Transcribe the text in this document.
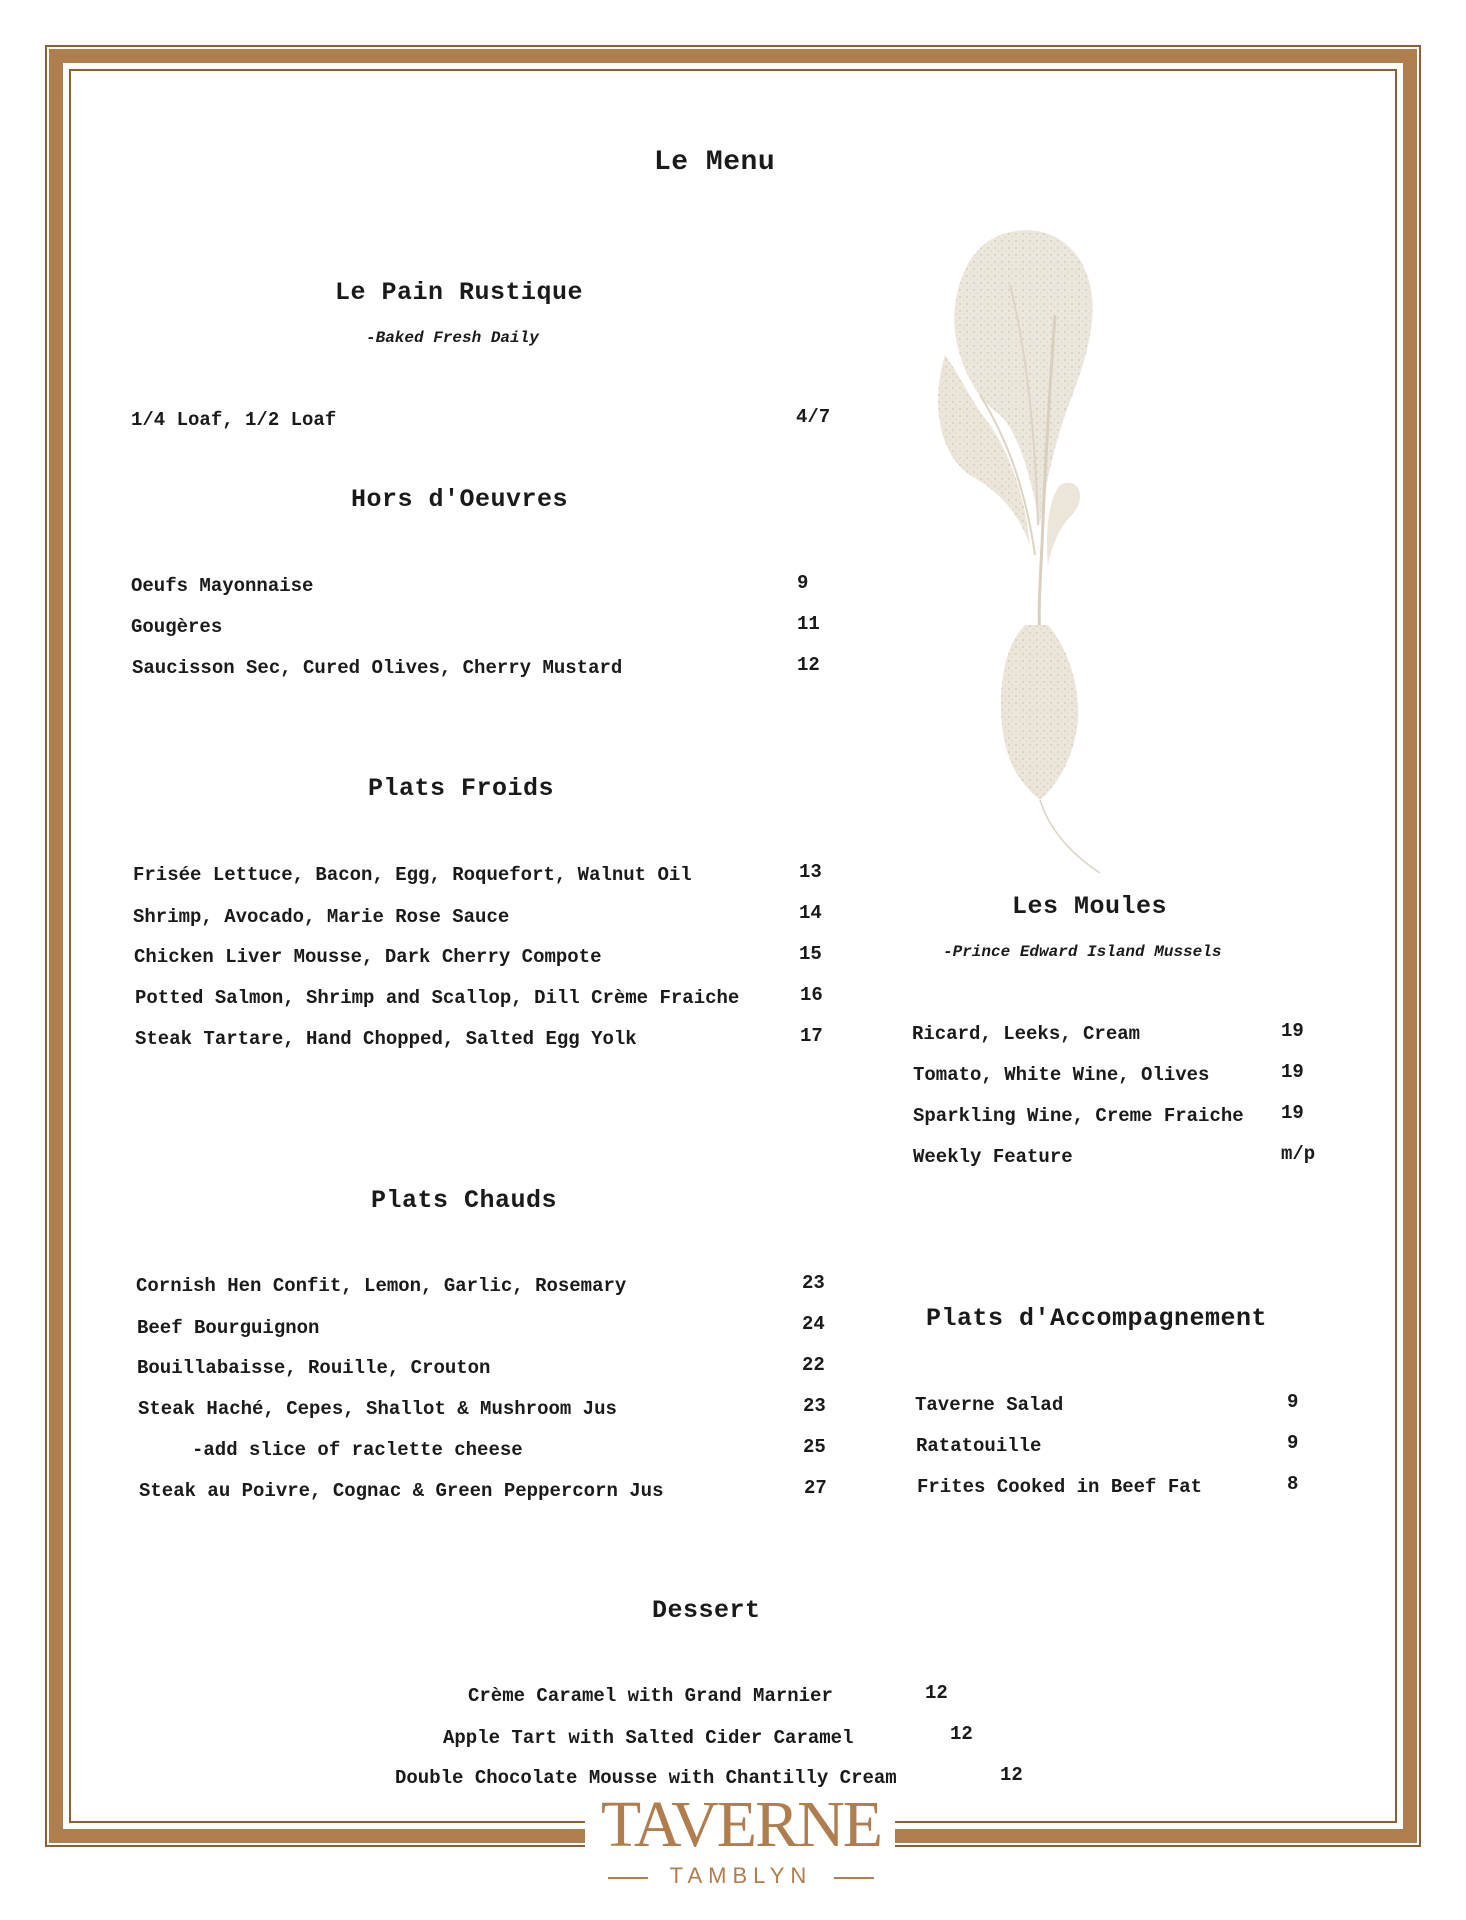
Le Menu
Le Pain Rustique
-Baked Fresh Daily
1/4 Loaf, 1/2 Loaf	4/7
Hors d'Oeuvres
Oeufs Mayonnaise	9
Gougères	11
Saucisson Sec, Cured Olives, Cherry Mustard	12
Plats Froids
Frisée Lettuce, Bacon, Egg, Roquefort, Walnut Oil	13
Shrimp, Avocado, Marie Rose Sauce	14
Chicken Liver Mousse, Dark Cherry Compote	15
Potted Salmon, Shrimp and Scallop, Dill Crème Fraiche	16
Steak Tartare, Hand Chopped, Salted Egg Yolk	17
Plats Chauds
Cornish Hen Confit, Lemon, Garlic, Rosemary	23
Beef Bourguignon	24
Bouillabaisse, Rouille, Crouton	22
Steak Haché, Cepes, Shallot & Mushroom Jus	23
-add slice of raclette cheese	25
Steak au Poivre, Cognac & Green Peppercorn Jus	27
Les Moules
-Prince Edward Island Mussels
Ricard, Leeks, Cream	19
Tomato, White Wine, Olives	19
Sparkling Wine, Creme Fraiche 19
Weekly Feature	m/p
Plats d'Accompagnement
Taverne Salad	9
Ratatouille	9
Frites Cooked in Beef Fat	8
Dessert
Crème Caramel with Grand Marnier	12
Apple Tart with Salted Cider Caramel	12
Double Chocolate Mousse with Chantilly Cream	12
TAVERNE
TAMBLYN
